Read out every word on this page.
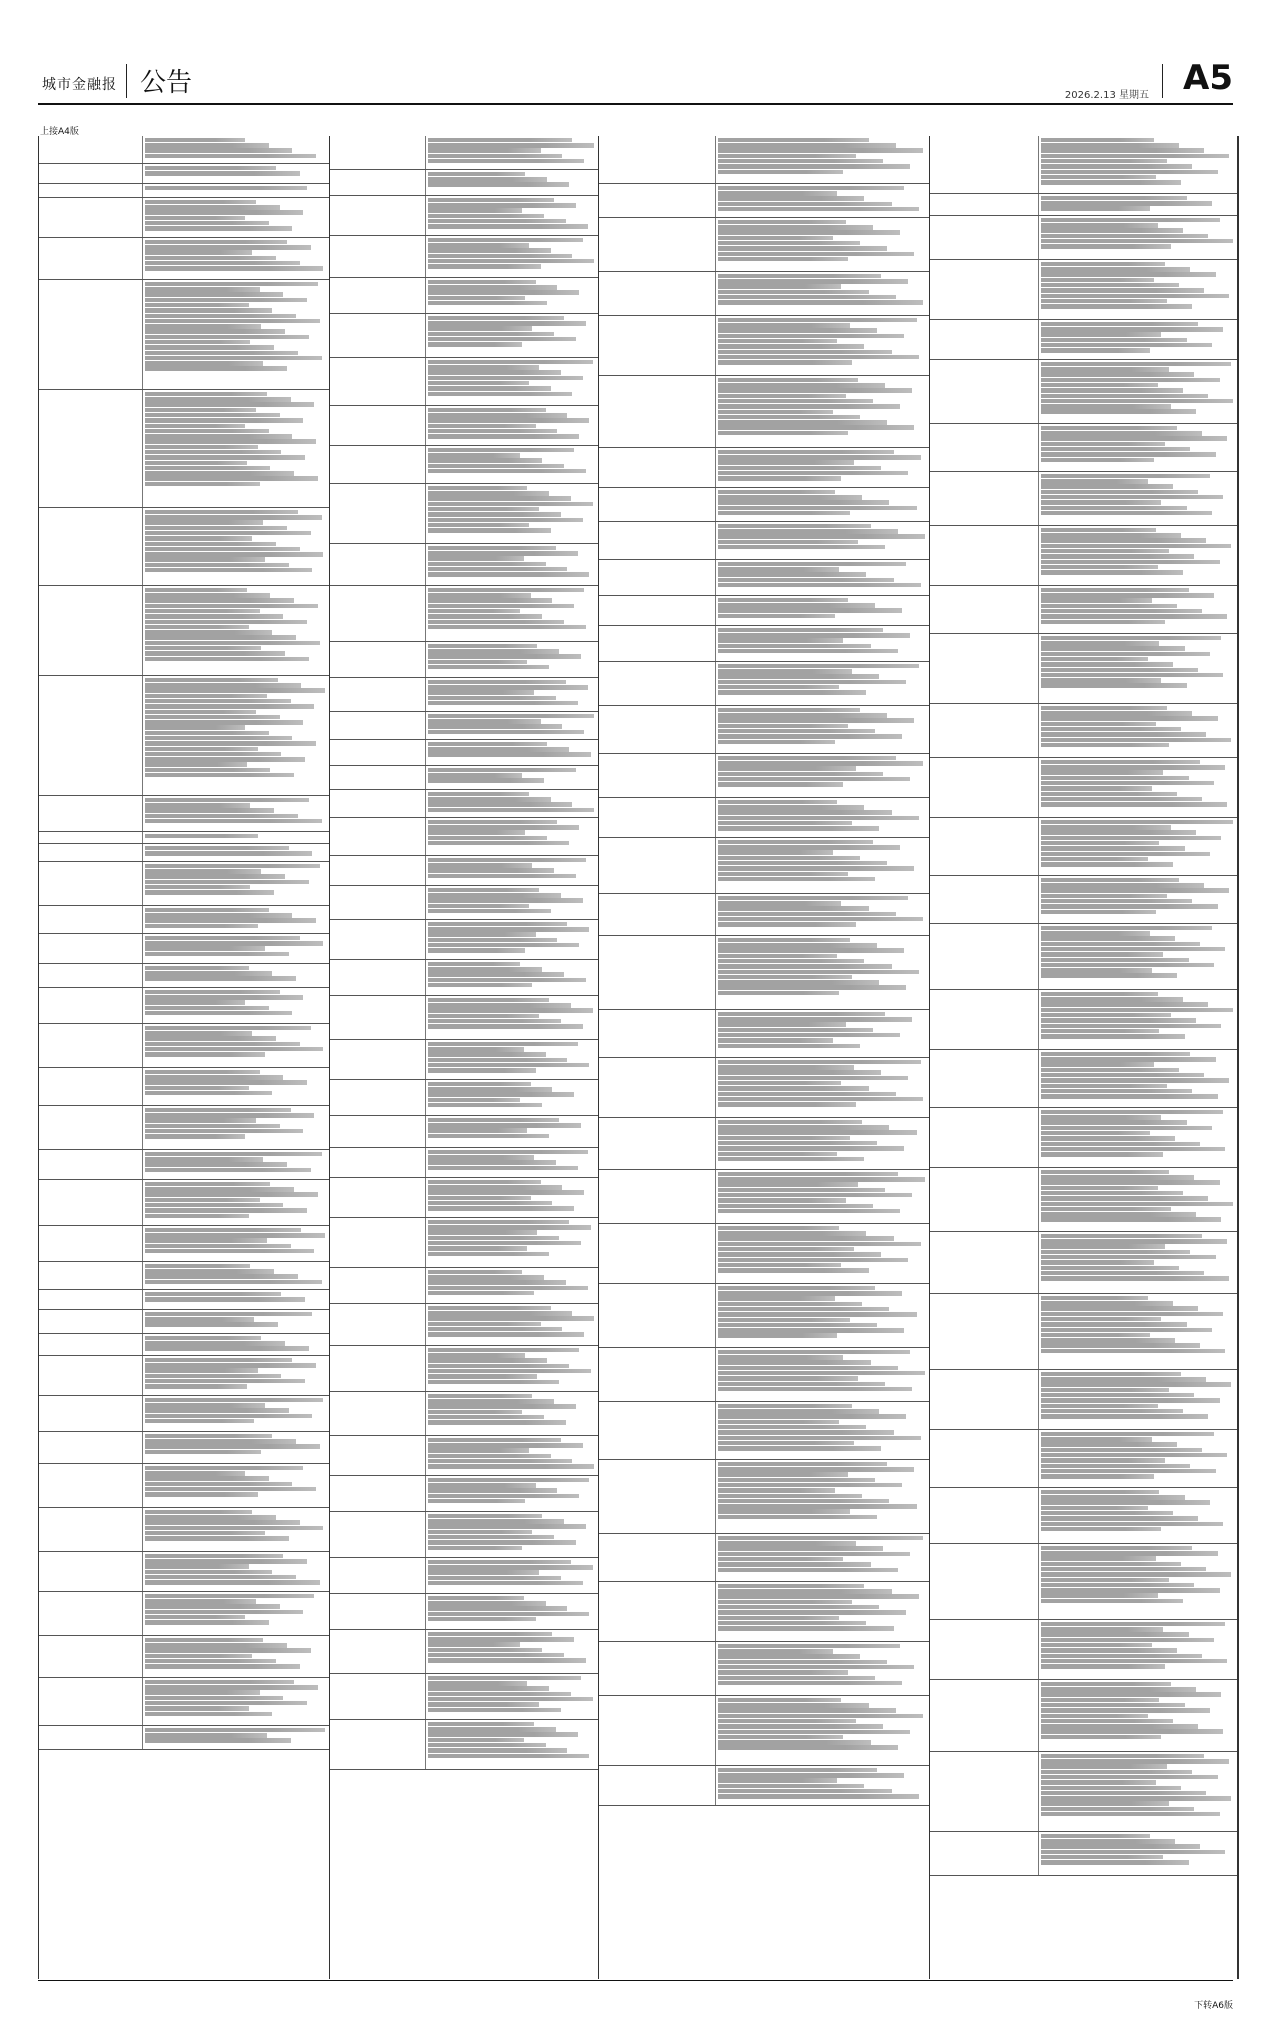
城市金融报 公告	2026.2.13 星期五 A5
上接A4版
下转A6版
